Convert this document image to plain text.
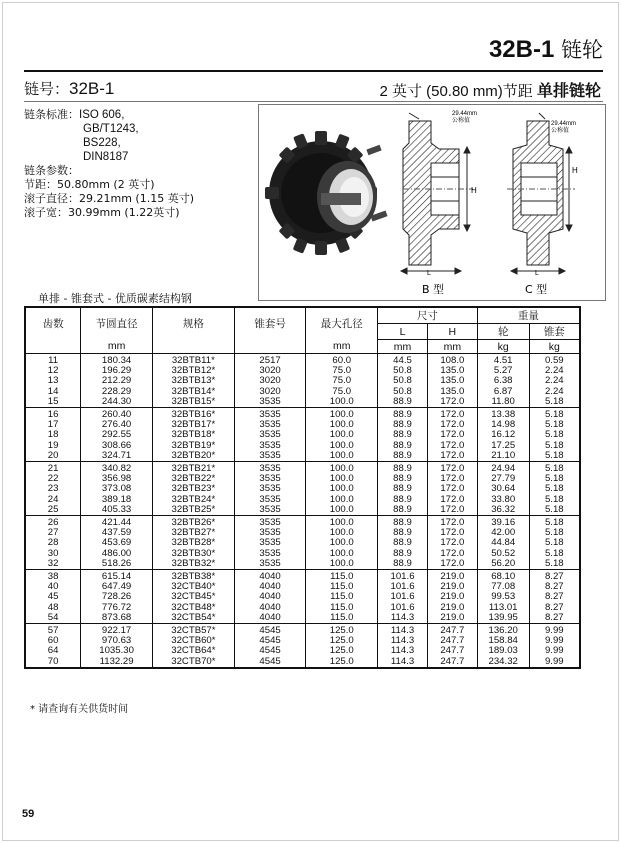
32B-1 链轮
链号：32B-1	2 英寸 (50.80 mm)节距 单排链轮
链条标准：ISO 606,
GB/T1243,
BS228,
DIN8187
链条参数：
节距：50.80mm (2 英寸)
滚子直径：29.21mm (1.15 英寸)
滚子宽：30.99mm (1.22英寸)
29.44mm
公称值
H
L
B 型
29.44mm
公称值
H
L
C 型
单排 - 锥套式 - 优质碳素结构钢
齿数	节圆直径	规格	锥套号	最大孔径	尺寸		重量	
					L	H	轮	锥套
	mm			mm	mm	mm	kg	kg
11	180.34	32BTB11*	2517	60.0	44.5	108.0	4.51	0.59
12	196.29	32BTB12*	3020	75.0	50.8	135.0	5.27	2.24
13	212.29	32BTB13*	3020	75.0	50.8	135.0	6.38	2.24
14	228.29	32BTB14*	3020	75.0	50.8	135.0	6.87	2.24
15	244.30	32BTB15*	3535	100.0	88.9	172.0	11.80	5.18
16	260.40	32BTB16*	3535	100.0	88.9	172.0	13.38	5.18
17	276.40	32BTB17*	3535	100.0	88.9	172.0	14.98	5.18
18	292.55	32BTB18*	3535	100.0	88.9	172.0	16.12	5.18
19	308.66	32BTB19*	3535	100.0	88.9	172.0	17.25	5.18
20	324.71	32BTB20*	3535	100.0	88.9	172.0	21.10	5.18
21	340.82	32BTB21*	3535	100.0	88.9	172.0	24.94	5.18
22	356.98	32BTB22*	3535	100.0	88.9	172.0	27.79	5.18
23	373.08	32BTB23*	3535	100.0	88.9	172.0	30.64	5.18
24	389.18	32BTB24*	3535	100.0	88.9	172.0	33.80	5.18
25	405.33	32BTB25*	3535	100.0	88.9	172.0	36.32	5.18
26	421.44	32BTB26*	3535	100.0	88.9	172.0	39.16	5.18
27	437.59	32BTB27*	3535	100.0	88.9	172.0	42.00	5.18
28	453.69	32BTB28*	3535	100.0	88.9	172.0	44.84	5.18
30	486.00	32BTB30*	3535	100.0	88.9	172.0	50.52	5.18
32	518.26	32BTB32*	3535	100.0	88.9	172.0	56.20	5.18
38	615.14	32BTB38*	4040	115.0	101.6	219.0	68.10	8.27
40	647.49	32CTB40*	4040	115.0	101.6	219.0	77.08	8.27
45	728.26	32CTB45*	4040	115.0	101.6	219.0	99.53	8.27
48	776.72	32CTB48*	4040	115.0	101.6	219.0	113.01	8.27
54	873.68	32CTB54*	4040	115.0	114.3	219.0	139.95	8.27
57	922.17	32CTB57*	4545	125.0	114.3	247.7	136.20	9.99
60	970.63	32CTB60*	4545	125.0	114.3	247.7	158.84	9.99
64	1035.30	32CTB64*	4545	125.0	114.3	247.7	189.03	9.99
70	1132.29	32CTB70*	4545	125.0	114.3	247.7	234.32	9.99
* 请查询有关供货时间
59
